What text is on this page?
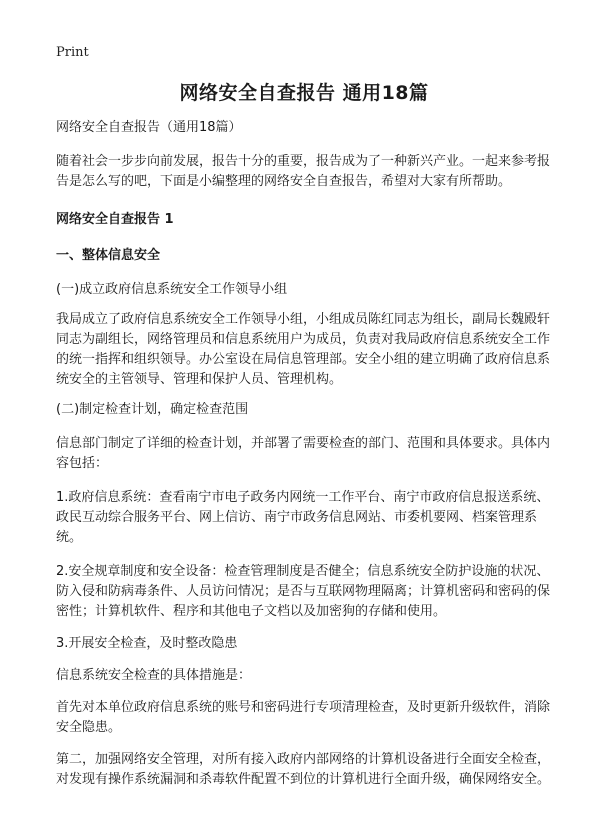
Print
网络安全自查报告 通用18篇

网络安全自查报告（通用18篇）

随着社会一步步向前发展，报告十分的重要，报告成为了一种新兴产业。一起来参考报告是怎么写的吧，下面是小编整理的网络安全自查报告，希望对大家有所帮助。

网络安全自查报告 1

一、整体信息安全

(一)成立政府信息系统安全工作领导小组

我局成立了政府信息系统安全工作领导小组，小组成员陈红同志为组长，副局长魏殿轩同志为副组长，网络管理员和信息系统用户为成员，负责对我局政府信息系统安全工作的统一指挥和组织领导。办公室设在局信息管理部。安全小组的建立明确了政府信息系统安全的主管领导、管理和保护人员、管理机构。

(二)制定检查计划，确定检查范围

信息部门制定了详细的检查计划，并部署了需要检查的部门、范围和具体要求。具体内容包括：

1.政府信息系统：查看南宁市电子政务内网统一工作平台、南宁市政府信息报送系统、政民互动综合服务平台、网上信访、南宁市政务信息网站、市委机要网、档案管理系统。

2.安全规章制度和安全设备：检查管理制度是否健全；信息系统安全防护设施的状况、防入侵和防病毒条件、人员访问情况；是否与互联网物理隔离；计算机密码和密码的保密性；计算机软件、程序和其他电子文档以及加密狗的存储和使用。

3.开展安全检查，及时整改隐患

信息系统安全检查的具体措施是：

首先对本单位政府信息系统的账号和密码进行专项清理检查，及时更新升级软件，消除安全隐患。

第二，加强网络安全管理，对所有接入政府内部网络的计算机设备进行全面安全检查，对发现有操作系统漏洞和杀毒软件配置不到位的计算机进行全面升级，确保网络安全。
